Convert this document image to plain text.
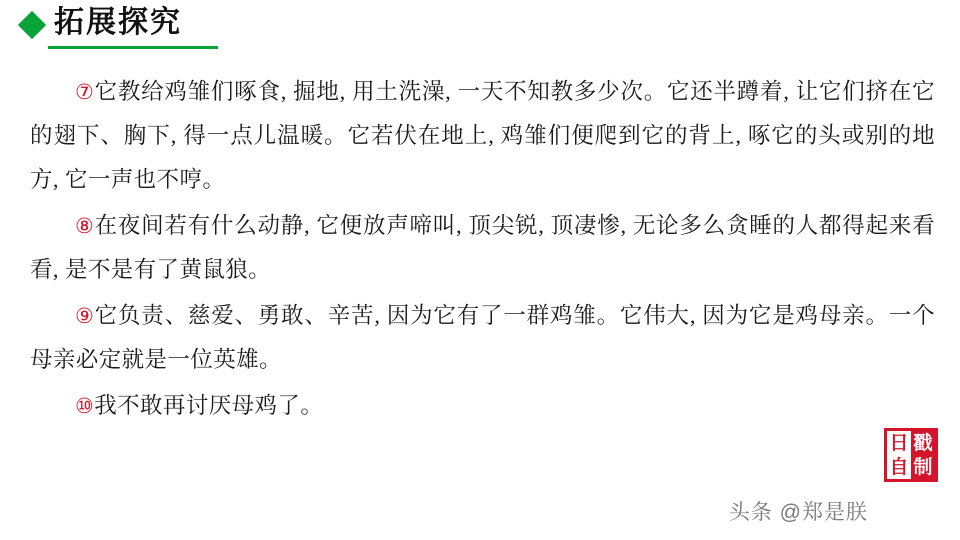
拓展探究

⑦它教给鸡雏们啄食, 掘地, 用土洗澡, 一天不知教多少次。它还半蹲着, 让它们挤在它的翅下、胸下, 得一点儿温暖。它若伏在地上, 鸡雏们便爬到它的背上, 啄它的头或别的地方, 它一声也不哼。

⑧在夜间若有什么动静, 它便放声啼叫, 顶尖锐, 顶凄惨, 无论多么贪睡的人都得起来看看, 是不是有了黄鼠狼。

⑨它负责、慈爱、勇敢、辛苦, 因为它有了一群鸡雏。它伟大, 因为它是鸡母亲。一个母亲必定就是一位英雄。

⑩我不敢再讨厌母鸡了。

日 戳
自 制
头条 @郑是朕
